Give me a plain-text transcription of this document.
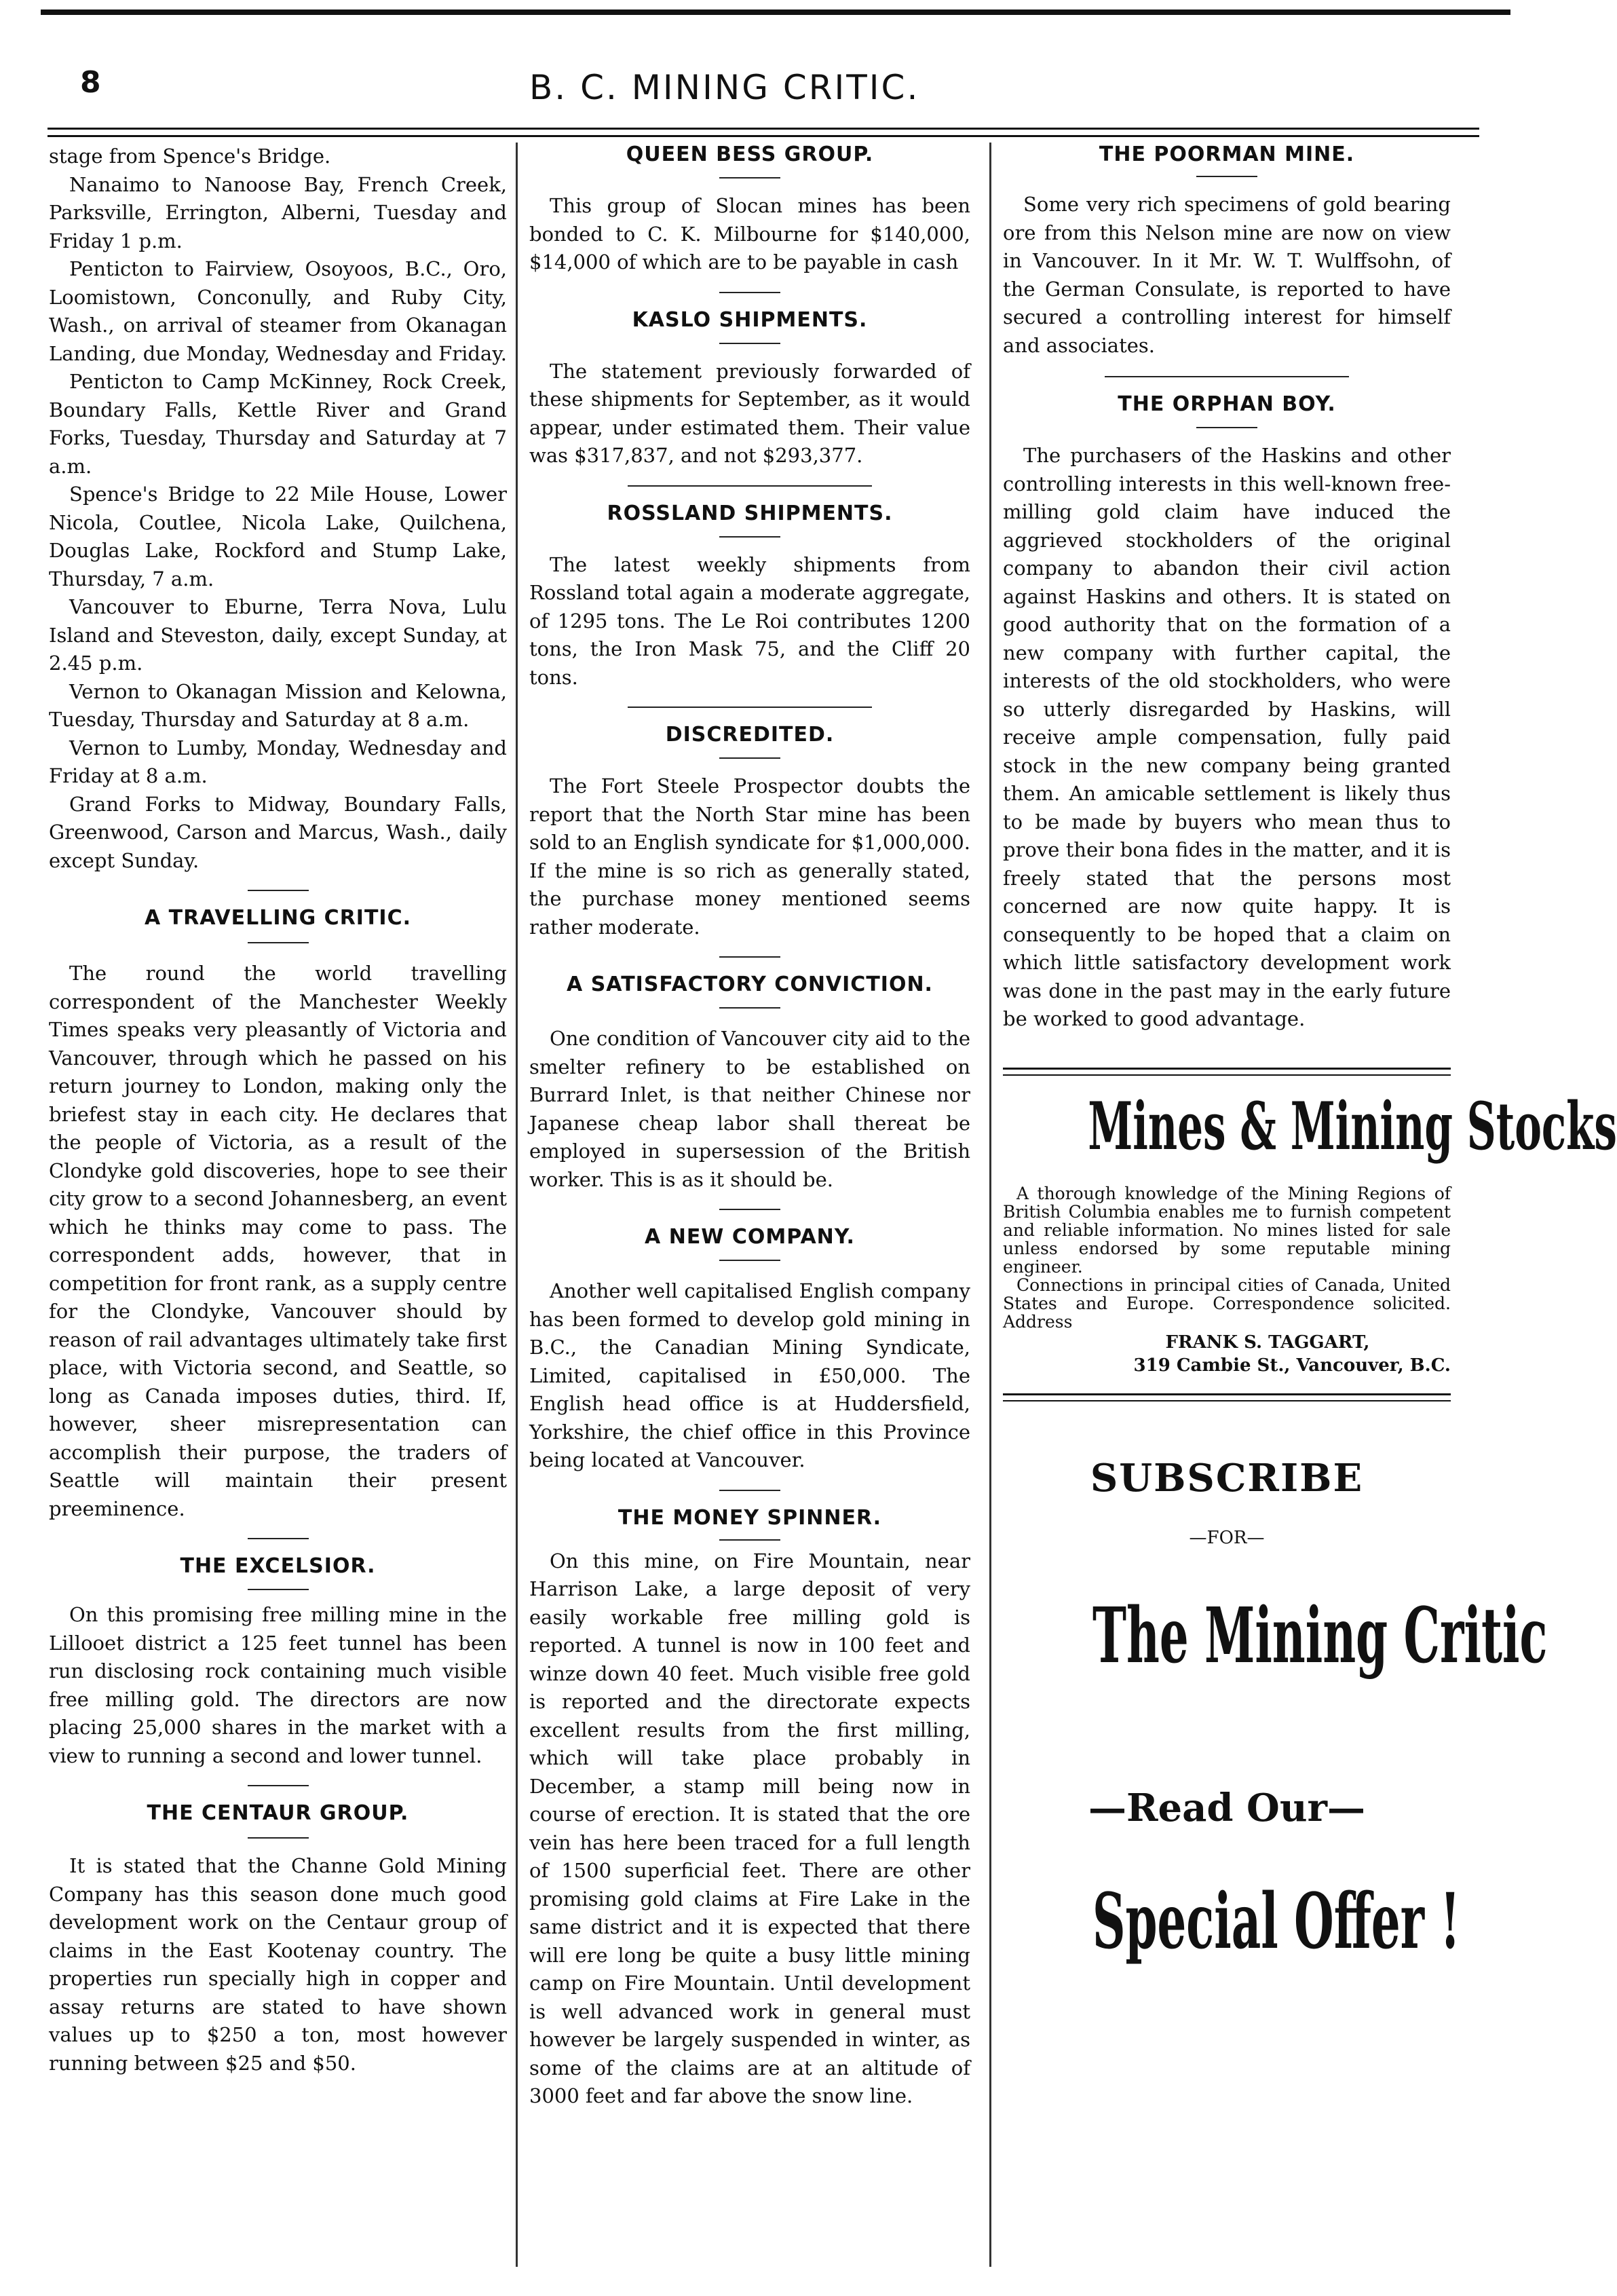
8	B. C. MINING CRITIC.

stage from Spence's Bridge.

Nanaimo to Nanoose Bay, French Creek, Parksville, Errington, Alberni, Tuesday and Friday 1 p.m.

Penticton to Fairview, Osoyoos, B.C., Oro, Loomistown, Conconully, and Ruby City, Wash., on arrival of steamer from Okanagan Landing, due Monday, Wednesday and Friday.

Penticton to Camp McKinney, Rock Creek, Boundary Falls, Kettle River and Grand Forks, Tuesday, Thursday and Saturday at 7 a.m.

Spence's Bridge to 22 Mile House, Lower Nicola, Coutlee, Nicola Lake, Quilchena, Douglas Lake, Rockford and Stump Lake, Thursday, 7 a.m.

Vancouver to Eburne, Terra Nova, Lulu Island and Steveston, daily, except Sunday, at 2.45 p.m.

Vernon to Okanagan Mission and Kelowna, Tuesday, Thursday and Saturday at 8 a.m.

Vernon to Lumby, Monday, Wednesday and Friday at 8 a.m.

Grand Forks to Midway, Boundary Falls, Greenwood, Carson and Marcus, Wash., daily except Sunday.

A TRAVELLING CRITIC.

The round the world travelling correspondent of the Manchester Weekly Times speaks very pleasantly of Victoria and Vancouver, through which he passed on his return journey to London, making only the briefest stay in each city. He declares that the people of Victoria, as a result of the Clondyke gold discoveries, hope to see their city grow to a second Johannesberg, an event which he thinks may come to pass. The correspondent adds, however, that in competition for front rank, as a supply centre for the Clondyke, Vancouver should by reason of rail advantages ultimately take first place, with Victoria second, and Seattle, so long as Canada imposes duties, third. If, however, sheer misrepresentation can accomplish their purpose, the traders of Seattle will maintain their present preeminence.

THE EXCELSIOR.

On this promising free milling mine in the Lillooet district a 125 feet tunnel has been run disclosing rock containing much visible free milling gold. The directors are now placing 25,000 shares in the market with a view to running a second and lower tunnel.

THE CENTAUR GROUP.

It is stated that the Channe Gold Mining Company has this season done much good development work on the Centaur group of claims in the East Kootenay country. The properties run specially high in copper and assay returns are stated to have shown values up to $250 a ton, most however running between $25 and $50.

QUEEN BESS GROUP.

This group of Slocan mines has been bonded to C. K. Milbourne for $140,000, $14,000 of which are to be payable in cash

KASLO SHIPMENTS.

The statement previously forwarded of these shipments for September, as it would appear, under estimated them. Their value was $317,837, and not $293,377.

ROSSLAND SHIPMENTS.

The latest weekly shipments from Rossland total again a moderate aggregate, of 1295 tons. The Le Roi contributes 1200 tons, the Iron Mask 75, and the Cliff 20 tons.

DISCREDITED.

The Fort Steele Prospector doubts the report that the North Star mine has been sold to an English syndicate for $1,000,000. If the mine is so rich as generally stated, the purchase money mentioned seems rather moderate.

A SATISFACTORY CONVICTION.

One condition of Vancouver city aid to the smelter refinery to be established on Burrard Inlet, is that neither Chinese nor Japanese cheap labor shall thereat be employed in supersession of the British worker. This is as it should be.

A NEW COMPANY.

Another well capitalised English company has been formed to develop gold mining in B.C., the Canadian Mining Syndicate, Limited, capitalised in £50,000. The English head office is at Huddersfield, Yorkshire, the chief office in this Province being located at Vancouver.

THE MONEY SPINNER.

On this mine, on Fire Mountain, near Harrison Lake, a large deposit of very easily workable free milling gold is reported. A tunnel is now in 100 feet and winze down 40 feet. Much visible free gold is reported and the directorate expects excellent results from the first milling, which will take place probably in December, a stamp mill being now in course of erection. It is stated that the ore vein has here been traced for a full length of 1500 superficial feet. There are other promising gold claims at Fire Lake in the same district and it is expected that there will ere long be quite a busy little mining camp on Fire Mountain. Until development is well advanced work in general must however be largely suspended in winter, as some of the claims are at an altitude of 3000 feet and far above the snow line.

THE POORMAN MINE.

Some very rich specimens of gold bearing ore from this Nelson mine are now on view in Vancouver. In it Mr. W. T. Wulffsohn, of the German Consulate, is reported to have secured a controlling interest for himself and associates.

THE ORPHAN BOY.

The purchasers of the Haskins and other controlling interests in this well-known free-milling gold claim have induced the aggrieved stockholders of the original company to abandon their civil action against Haskins and others. It is stated on good authority that on the formation of a new company with further capital, the interests of the old stockholders, who were so utterly disregarded by Haskins, will receive ample compensation, fully paid stock in the new company being granted them. An amicable settlement is likely thus to be made by buyers who mean thus to prove their bona fides in the matter, and it is freely stated that the persons most concerned are now quite happy. It is consequently to be hoped that a claim on which little satisfactory development work was done in the past may in the early future be worked to good advantage.

Mines & Mining Stocks

A thorough knowledge of the Mining Regions of British Columbia enables me to furnish competent and reliable information. No mines listed for sale unless endorsed by some reputable mining engineer.

Connections in principal cities of Canada, United States and Europe. Correspondence solicited. Address

FRANK S. TAGGART,
319 Cambie St., Vancouver, B.C.
SUBSCRIBE
—FOR—
The Mining Critic
—Read Our—
Special Offer !
